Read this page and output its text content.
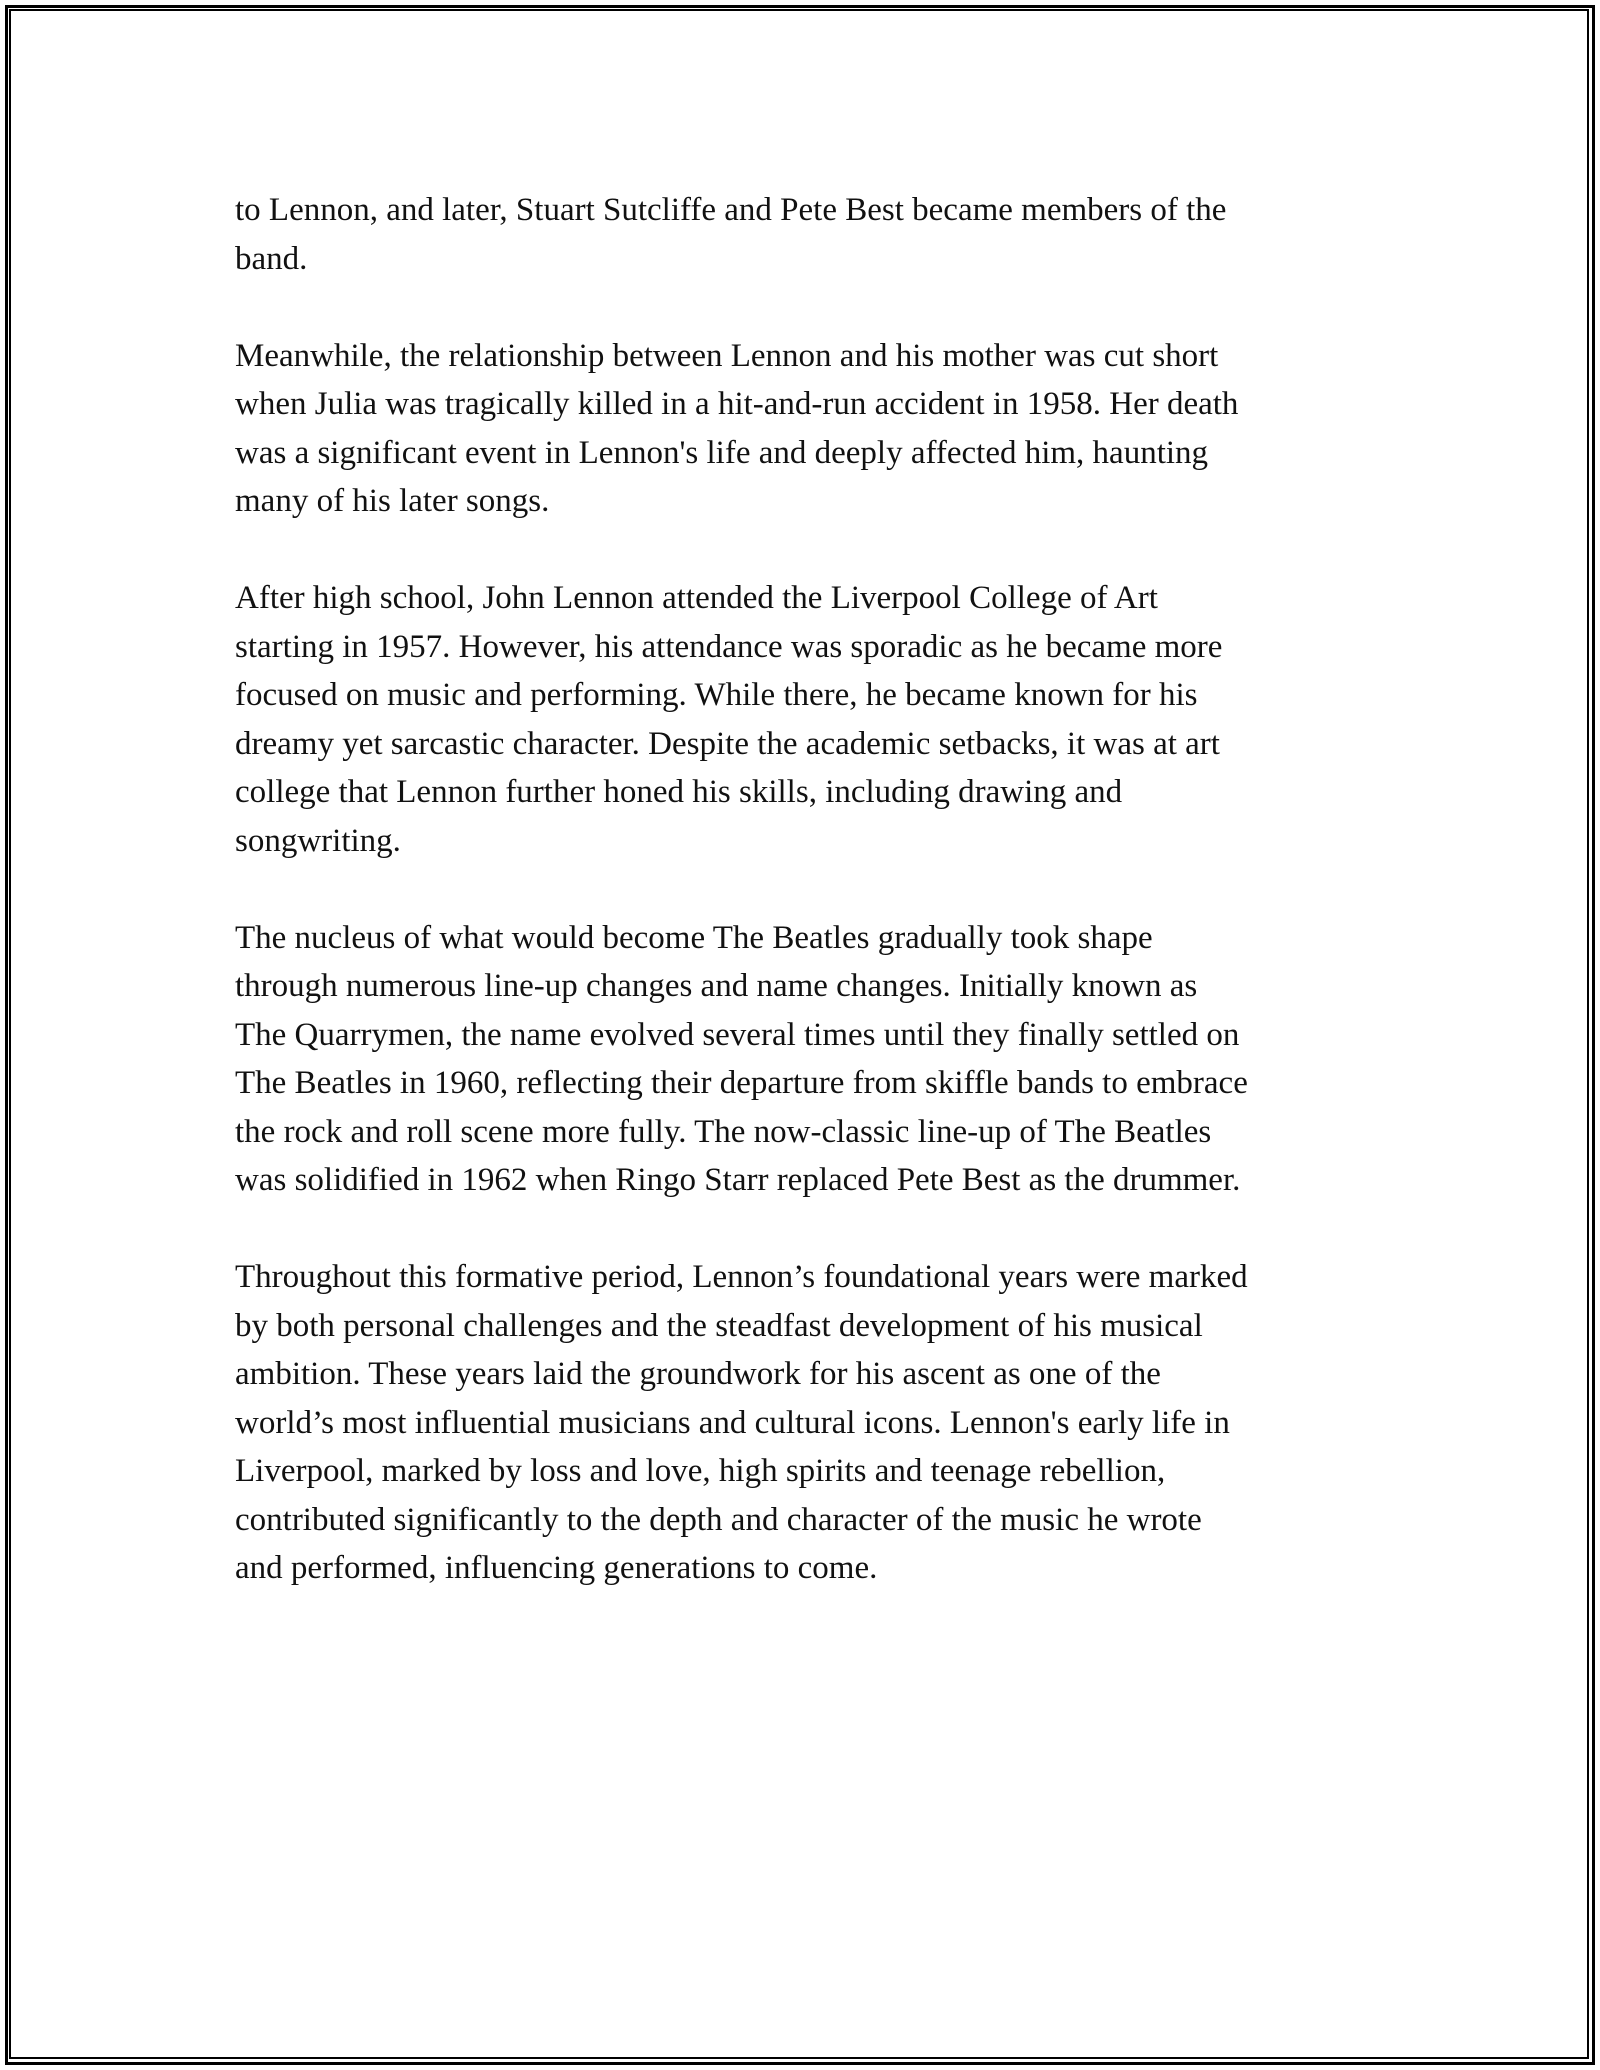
to Lennon, and later, Stuart Sutcliffe and Pete Best became members of the
band.

Meanwhile, the relationship between Lennon and his mother was cut short
when Julia was tragically killed in a hit-and-run accident in 1958. Her death
was a significant event in Lennon's life and deeply affected him, haunting
many of his later songs.

After high school, John Lennon attended the Liverpool College of Art
starting in 1957. However, his attendance was sporadic as he became more
focused on music and performing. While there, he became known for his
dreamy yet sarcastic character. Despite the academic setbacks, it was at art
college that Lennon further honed his skills, including drawing and
songwriting.

The nucleus of what would become The Beatles gradually took shape
through numerous line-up changes and name changes. Initially known as
The Quarrymen, the name evolved several times until they finally settled on
The Beatles in 1960, reflecting their departure from skiffle bands to embrace
the rock and roll scene more fully. The now-classic line-up of The Beatles
was solidified in 1962 when Ringo Starr replaced Pete Best as the drummer.

Throughout this formative period, Lennon’s foundational years were marked
by both personal challenges and the steadfast development of his musical
ambition. These years laid the groundwork for his ascent as one of the
world’s most influential musicians and cultural icons. Lennon's early life in
Liverpool, marked by loss and love, high spirits and teenage rebellion,
contributed significantly to the depth and character of the music he wrote
and performed, influencing generations to come.
